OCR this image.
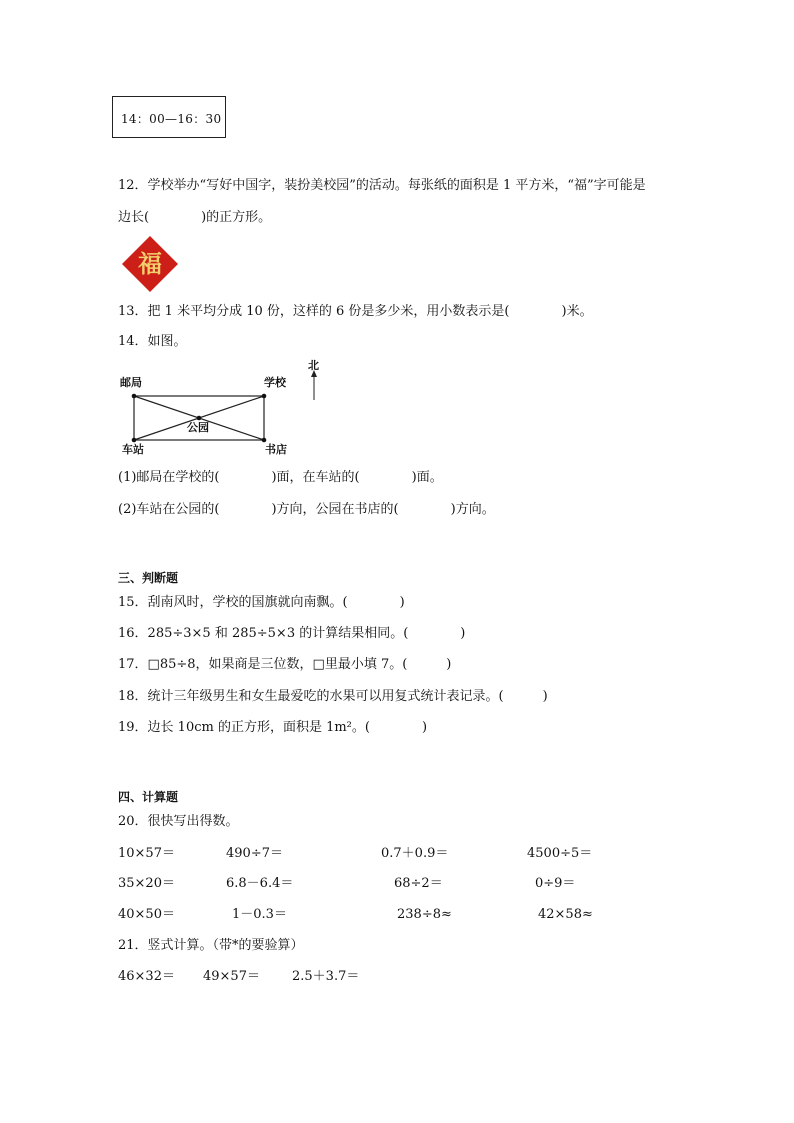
14：00—16：30
12．学校举办“写好中国字，装扮美校园”的活动。每张纸的面积是 1 平方米，“福”字可能是
边长(　　　　)的正方形。
福
13．把 1 米平均分成 10 份，这样的 6 份是多少米，用小数表示是(　　　　)米。
14．如图。
邮局	学校
公园
车站	书店
北
(1)邮局在学校的(　　　　)面，在车站的(　　　　)面。
(2)车站在公园的(　　　　)方向，公园在书店的(　　　　)方向。
三、判断题
15．刮南风时，学校的国旗就向南飘。(　　　　)
16．285÷3×5 和 285÷5×3 的计算结果相同。(　　　　)
17．□85÷8，如果商是三位数，□里最小填 7。(　　　)
18．统计三年级男生和女生最爱吃的水果可以用复式统计表记录。(　　　)
19．边长 10cm 的正方形，面积是 1m²。(　　　　)
四、计算题
20．很快写出得数。
10×57＝	490÷7＝	0.7＋0.9＝	4500÷5＝
35×20＝	6.8－6.4＝	68÷2＝	0÷9＝
40×50＝	1－0.3＝	238÷8≈	42×58≈
21．竖式计算。（带*的要验算）
46×32＝ 49×57＝ 2.5＋3.7＝
